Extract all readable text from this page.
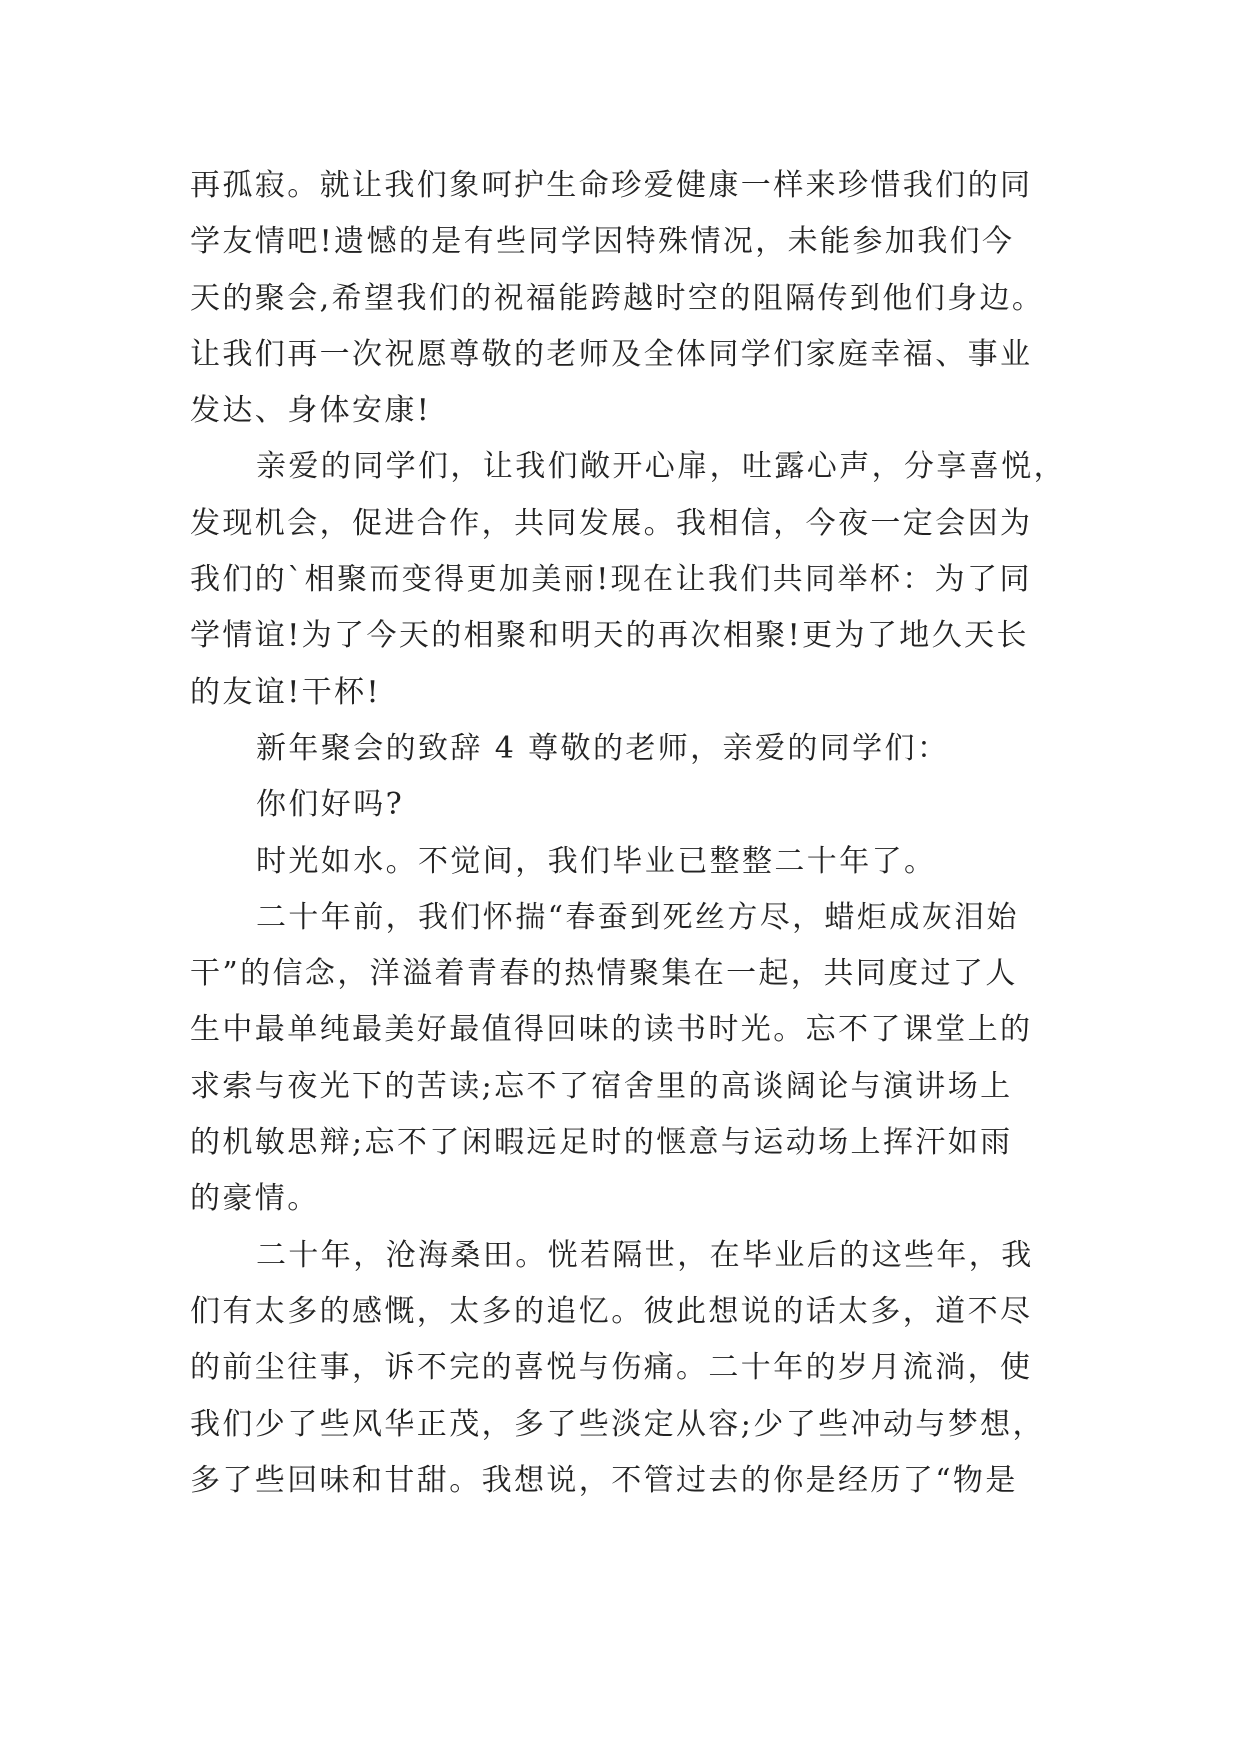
再孤寂。就让我们象呵护生命珍爱健康一样来珍惜我们的同
学友情吧!遗憾的是有些同学因特殊情况，未能参加我们今
天的聚会,希望我们的祝福能跨越时空的阻隔传到他们身边。
让我们再一次祝愿尊敬的老师及全体同学们家庭幸福、事业
发达、身体安康!
亲爱的同学们，让我们敞开心扉，吐露心声，分享喜悦，
发现机会，促进合作，共同发展。我相信，今夜一定会因为
我们的`相聚而变得更加美丽!现在让我们共同举杯：为了同
学情谊!为了今天的相聚和明天的再次相聚!更为了地久天长
的友谊!干杯!
新年聚会的致辞 4 尊敬的老师，亲爱的同学们：
你们好吗?
时光如水。不觉间，我们毕业已整整二十年了。
二十年前，我们怀揣“春蚕到死丝方尽，蜡炬成灰泪始
干”的信念，洋溢着青春的热情聚集在一起，共同度过了人
生中最单纯最美好最值得回味的读书时光。忘不了课堂上的
求索与夜光下的苦读;忘不了宿舍里的高谈阔论与演讲场上
的机敏思辩;忘不了闲暇远足时的惬意与运动场上挥汗如雨
的豪情。
二十年，沧海桑田。恍若隔世，在毕业后的这些年，我
们有太多的感慨，太多的追忆。彼此想说的话太多，道不尽
的前尘往事，诉不完的喜悦与伤痛。二十年的岁月流淌，使
我们少了些风华正茂，多了些淡定从容;少了些冲动与梦想，
多了些回味和甘甜。我想说，不管过去的你是经历了“物是
